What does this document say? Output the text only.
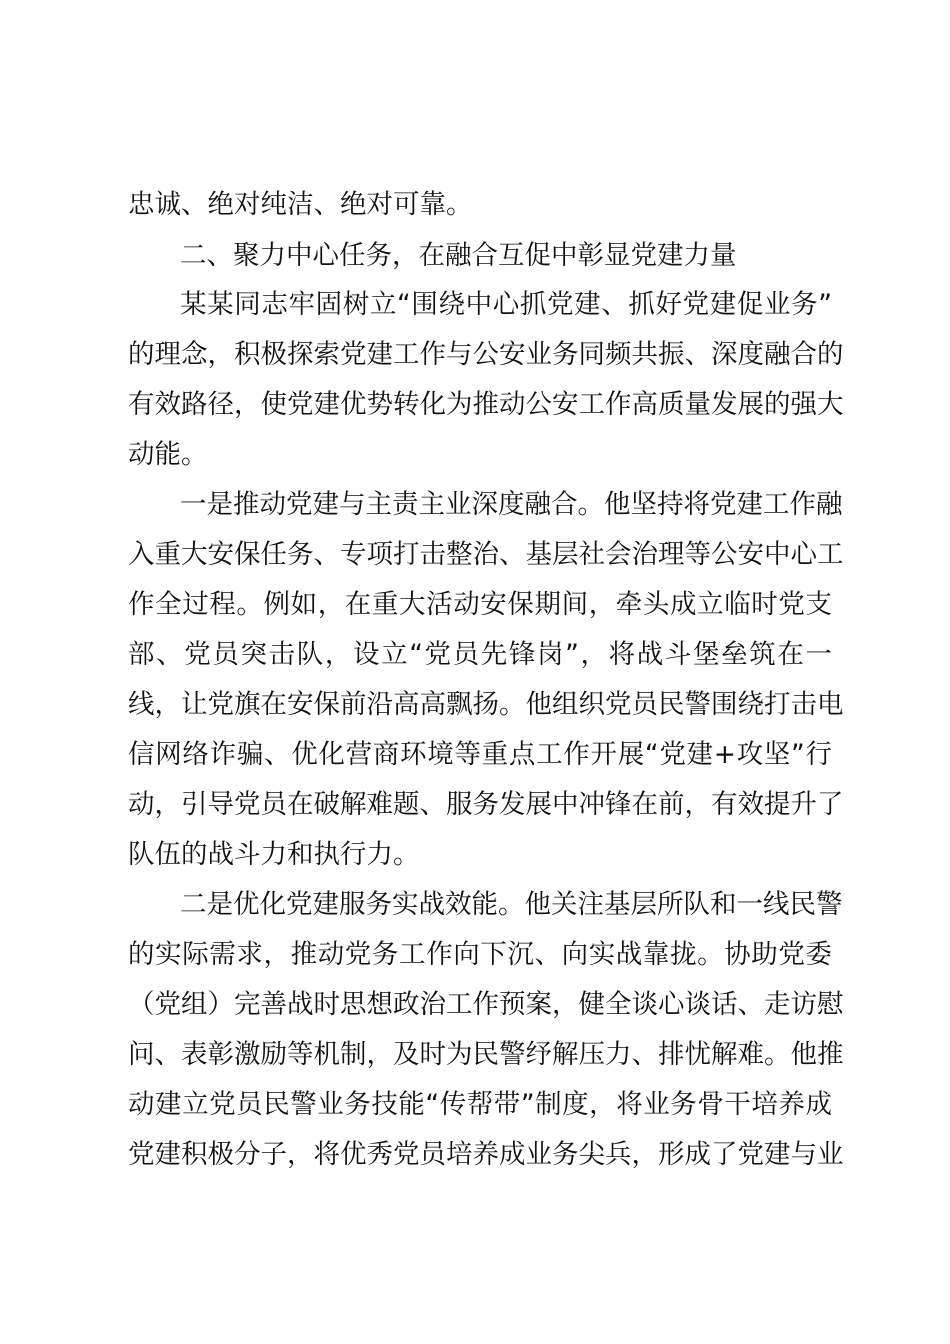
忠诚、绝对纯洁、绝对可靠。
二、聚力中心任务，在融合互促中彰显党建力量
某某同志牢固树立“围绕中心抓党建、抓好党建促业务”
的理念，积极探索党建工作与公安业务同频共振、深度融合的
有效路径，使党建优势转化为推动公安工作高质量发展的强大
动能。
一是推动党建与主责主业深度融合。他坚持将党建工作融
入重大安保任务、专项打击整治、基层社会治理等公安中心工
作全过程。例如，在重大活动安保期间，牵头成立临时党支
部、党员突击队，设立“党员先锋岗”，将战斗堡垒筑在一
线，让党旗在安保前沿高高飘扬。他组织党员民警围绕打击电
信网络诈骗、优化营商环境等重点工作开展“党建+攻坚”行
动，引导党员在破解难题、服务发展中冲锋在前，有效提升了
队伍的战斗力和执行力。
二是优化党建服务实战效能。他关注基层所队和一线民警
的实际需求，推动党务工作向下沉、向实战靠拢。协助党委
（党组）完善战时思想政治工作预案，健全谈心谈话、走访慰
问、表彰激励等机制，及时为民警纾解压力、排忧解难。他推
动建立党员民警业务技能“传帮带”制度，将业务骨干培养成
党建积极分子，将优秀党员培养成业务尖兵，形成了党建与业
